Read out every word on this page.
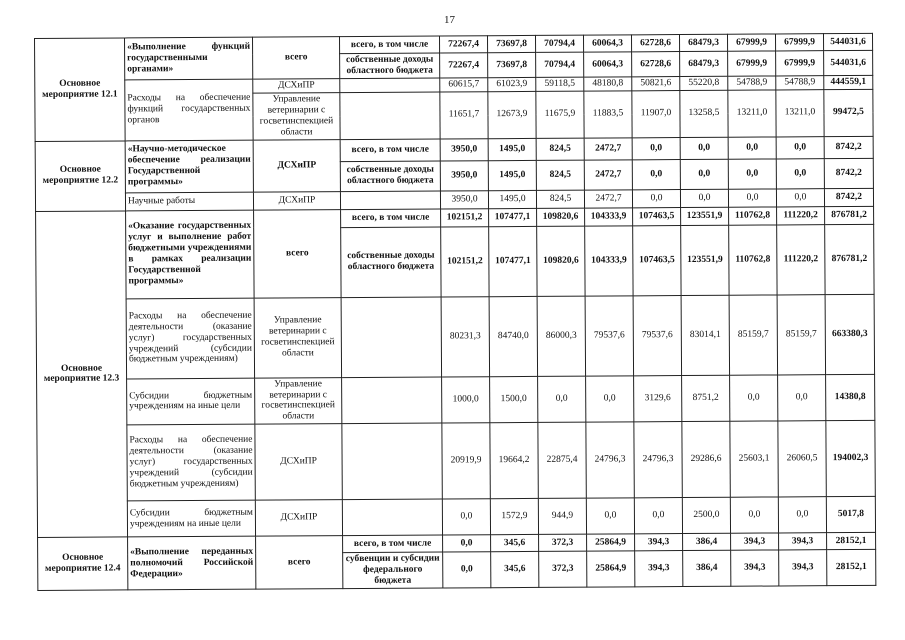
17
Основное мероприятие 12.1	«Выполнение функций государственными органами»	всего	всего, в том числе	72267,4	73697,8	70794,4	60064,3	62728,6	68479,3	67999,9	67999,9	544031,6
			собственные доходы областного бюджета	72267,4	73697,8	70794,4	60064,3	62728,6	68479,3	67999,9	67999,9	544031,6
	Расходы на обеспечение функций государственных органов	ДСХиПР		60615,7	61023,9	59118,5	48180,8	50821,6	55220,8	54788,9	54788,9	444559,1
		Управление ветеринарии с госветинспекцией области		11651,7	12673,9	11675,9	11883,5	11907,0	13258,5	13211,0	13211,0	99472,5

Основное мероприятие 12.2	«Научно-методическое обеспечение реализации Государственной программы»	ДСХиПР	всего, в том числе	3950,0	1495,0	824,5	2472,7	0,0	0,0	0,0	0,0	8742,2
			собственные доходы областного бюджета	3950,0	1495,0	824,5	2472,7	0,0	0,0	0,0	0,0	8742,2
	Научные работы	ДСХиПР		3950,0	1495,0	824,5	2472,7	0,0	0,0	0,0	0,0	8742,2
Основное мероприятие 12.3	«Оказание государственных услуг и выполнение работ бюджетными учреждениями в рамках реализации Государственной программы»	всего	всего, в том числе	102151,2	107477,1	109820,6	104333,9	107463,5	123551,9	110762,8	111220,2	876781,2
			собственные доходы областного бюджета	102151,2	107477,1	109820,6	104333,9	107463,5	123551,9	110762,8	111220,2	876781,2
	Расходы на обеспечение деятельности (оказание услуг) государственных учреждений (субсидии бюджетным учреждениям)	Управление ветеринарии с госветинспекцией области		80231,3	84740,0	86000,3	79537,6	79537,6	83014,1	85159,7	85159,7	663380,3
	Субсидии бюджетным учреждениям на иные цели	Управление ветеринарии с госветинспекцией области		1000,0	1500,0	0,0	0,0	3129,6	8751,2	0,0	0,0	14380,8
	Расходы на обеспечение деятельности (оказание услуг) государственных учреждений (субсидии бюджетным учреждениям)	ДСХиПР		20919,9	19664,2	22875,4	24796,3	24796,3	29286,6	25603,1	26060,5	194002,3
	Субсидии бюджетным учреждениям на иные цели	ДСХиПР		0,0	1572,9	944,9	0,0	0,0	2500,0	0,0	0,0	5017,8
Основное мероприятие 12.4	«Выполнение переданных полномочий Российской Федерации»	всего	всего, в том числе	0,0	345,6	372,3	25864,9	394,3	386,4	394,3	394,3	28152,1
			субвенции и субсидии федерального бюджета	0,0	345,6	372,3	25864,9	394,3	386,4	394,3	394,3	28152,1
